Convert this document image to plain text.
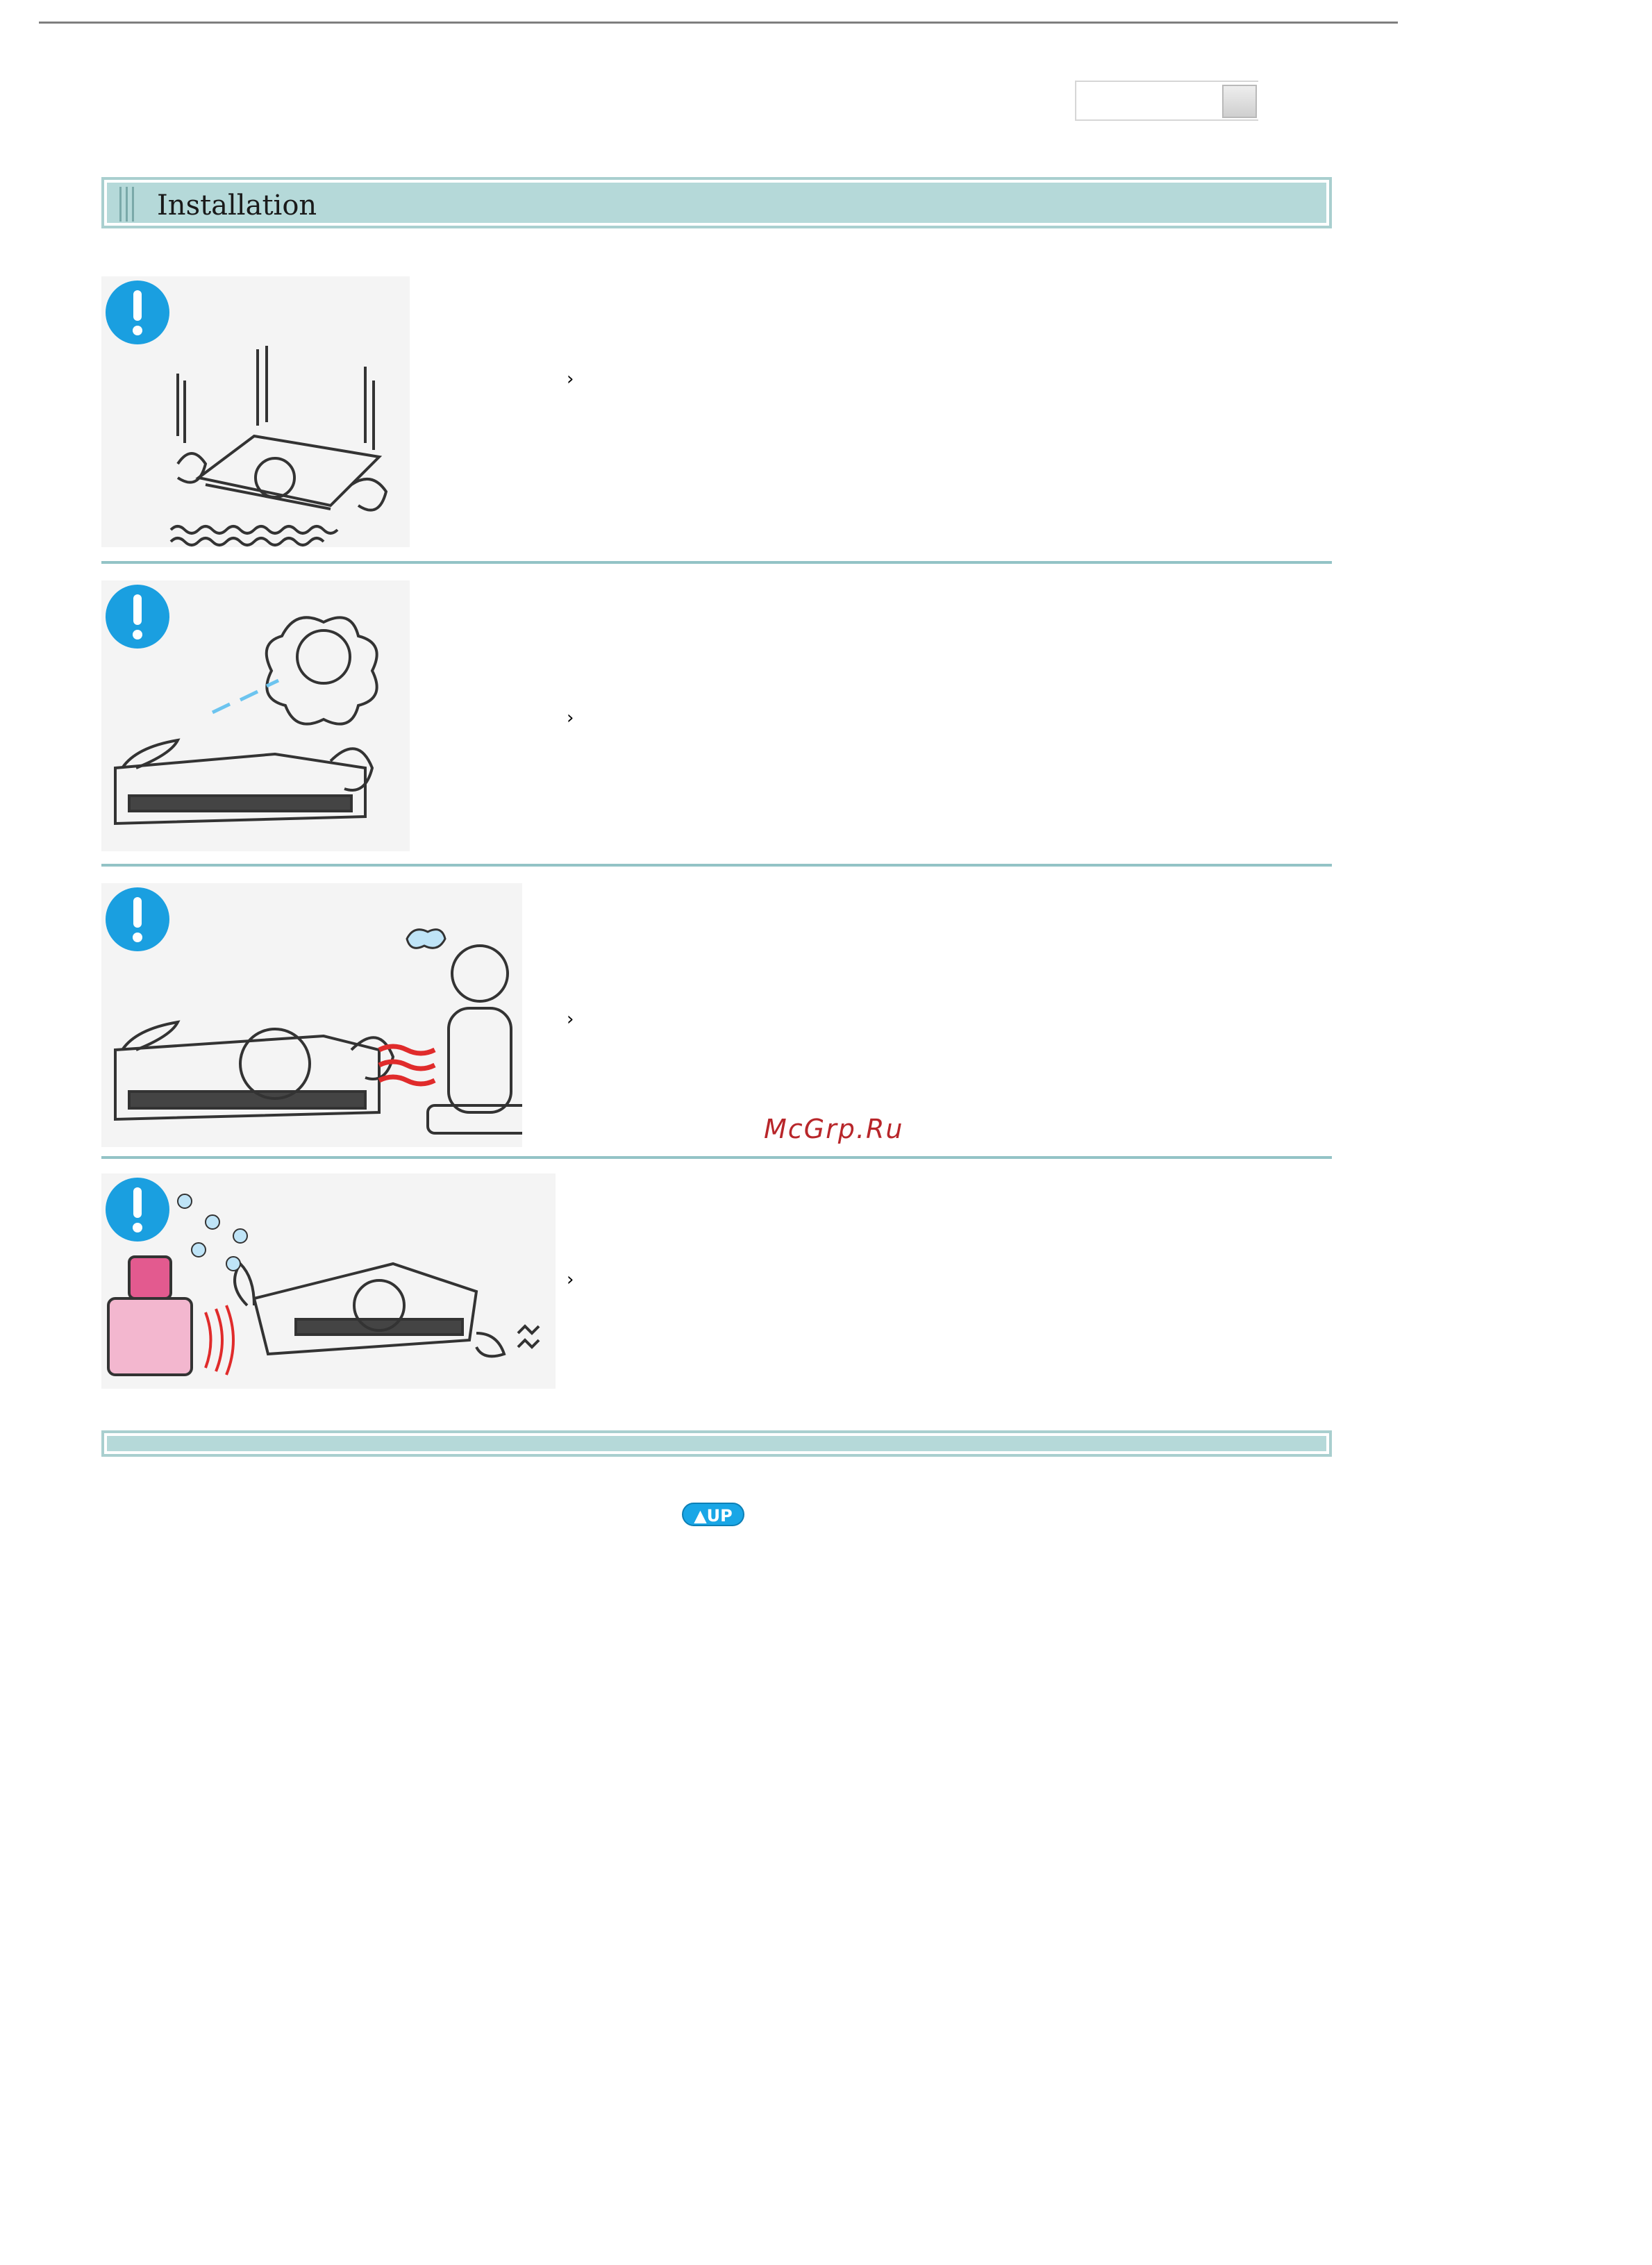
Installation
›
›
›
McGrp.Ru
›
▲UP
